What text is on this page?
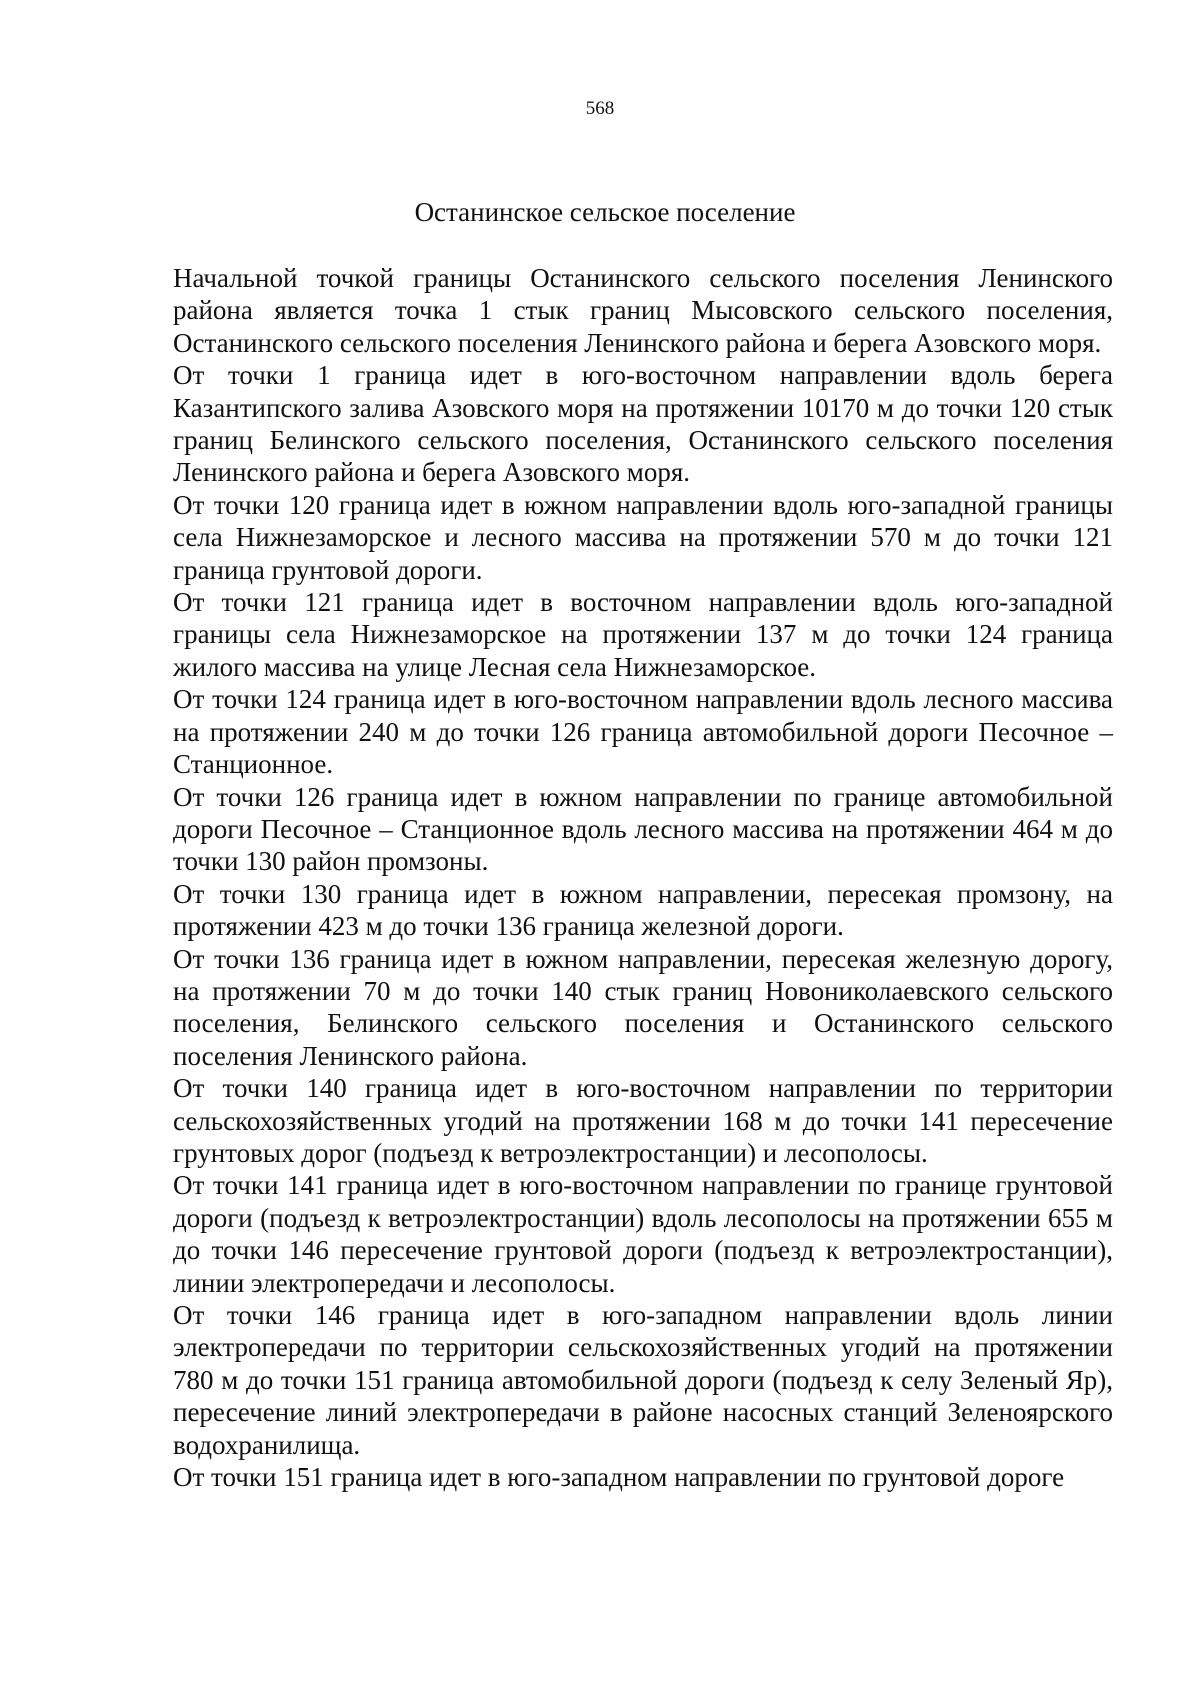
568
Останинское сельское поселение

Начальной точкой границы Останинского сельского поселения Ленинского района является точка 1 стык границ Мысовского сельского поселения, Останинского сельского поселения Ленинского района и берега Азовского моря.

От точки 1 граница идет в юго-восточном направлении вдоль берега Казантипского залива Азовского моря на протяжении 10170 м до точки 120 стык границ Белинского сельского поселения, Останинского сельского поселения Ленинского района и берега Азовского моря.

От точки 120 граница идет в южном направлении вдоль юго-западной границы села Нижнезаморское и лесного массива на протяжении 570 м до точки 121 граница грунтовой дороги.

От точки 121 граница идет в восточном направлении вдоль юго-западной границы села Нижнезаморское на протяжении 137 м до точки 124 граница жилого массива на улице Лесная села Нижнезаморское.

От точки 124 граница идет в юго-восточном направлении вдоль лесного массива на протяжении 240 м до точки 126 граница автомобильной дороги Песочное – Станционное.

От точки 126 граница идет в южном направлении по границе автомобильной дороги Песочное – Станционное вдоль лесного массива на протяжении 464 м до точки 130 район промзоны.

От точки 130 граница идет в южном направлении, пересекая промзону, на протяжении 423 м до точки 136 граница железной дороги.

От точки 136 граница идет в южном направлении, пересекая железную дорогу, на протяжении 70 м до точки 140 стык границ Новониколаевского сельского поселения, Белинского сельского поселения и Останинского сельского поселения Ленинского района.

От точки 140 граница идет в юго-восточном направлении по территории сельскохозяйственных угодий на протяжении 168 м до точки 141 пересечение грунтовых дорог (подъезд к ветроэлектростанции) и лесополосы.

От точки 141 граница идет в юго-восточном направлении по границе грунтовой дороги (подъезд к ветроэлектростанции) вдоль лесополосы на протяжении 655 м до точки 146 пересечение грунтовой дороги (подъезд к ветроэлектростанции), линии электропередачи и лесополосы.

От точки 146 граница идет в юго-западном направлении вдоль линии электропередачи по территории сельскохозяйственных угодий на протяжении 780 м до точки 151 граница автомобильной дороги (подъезд к селу Зеленый Яр), пересечение линий электропередачи в районе насосных станций Зеленоярского водохранилища.

От точки 151 граница идет в юго-западном направлении по грунтовой дороге
